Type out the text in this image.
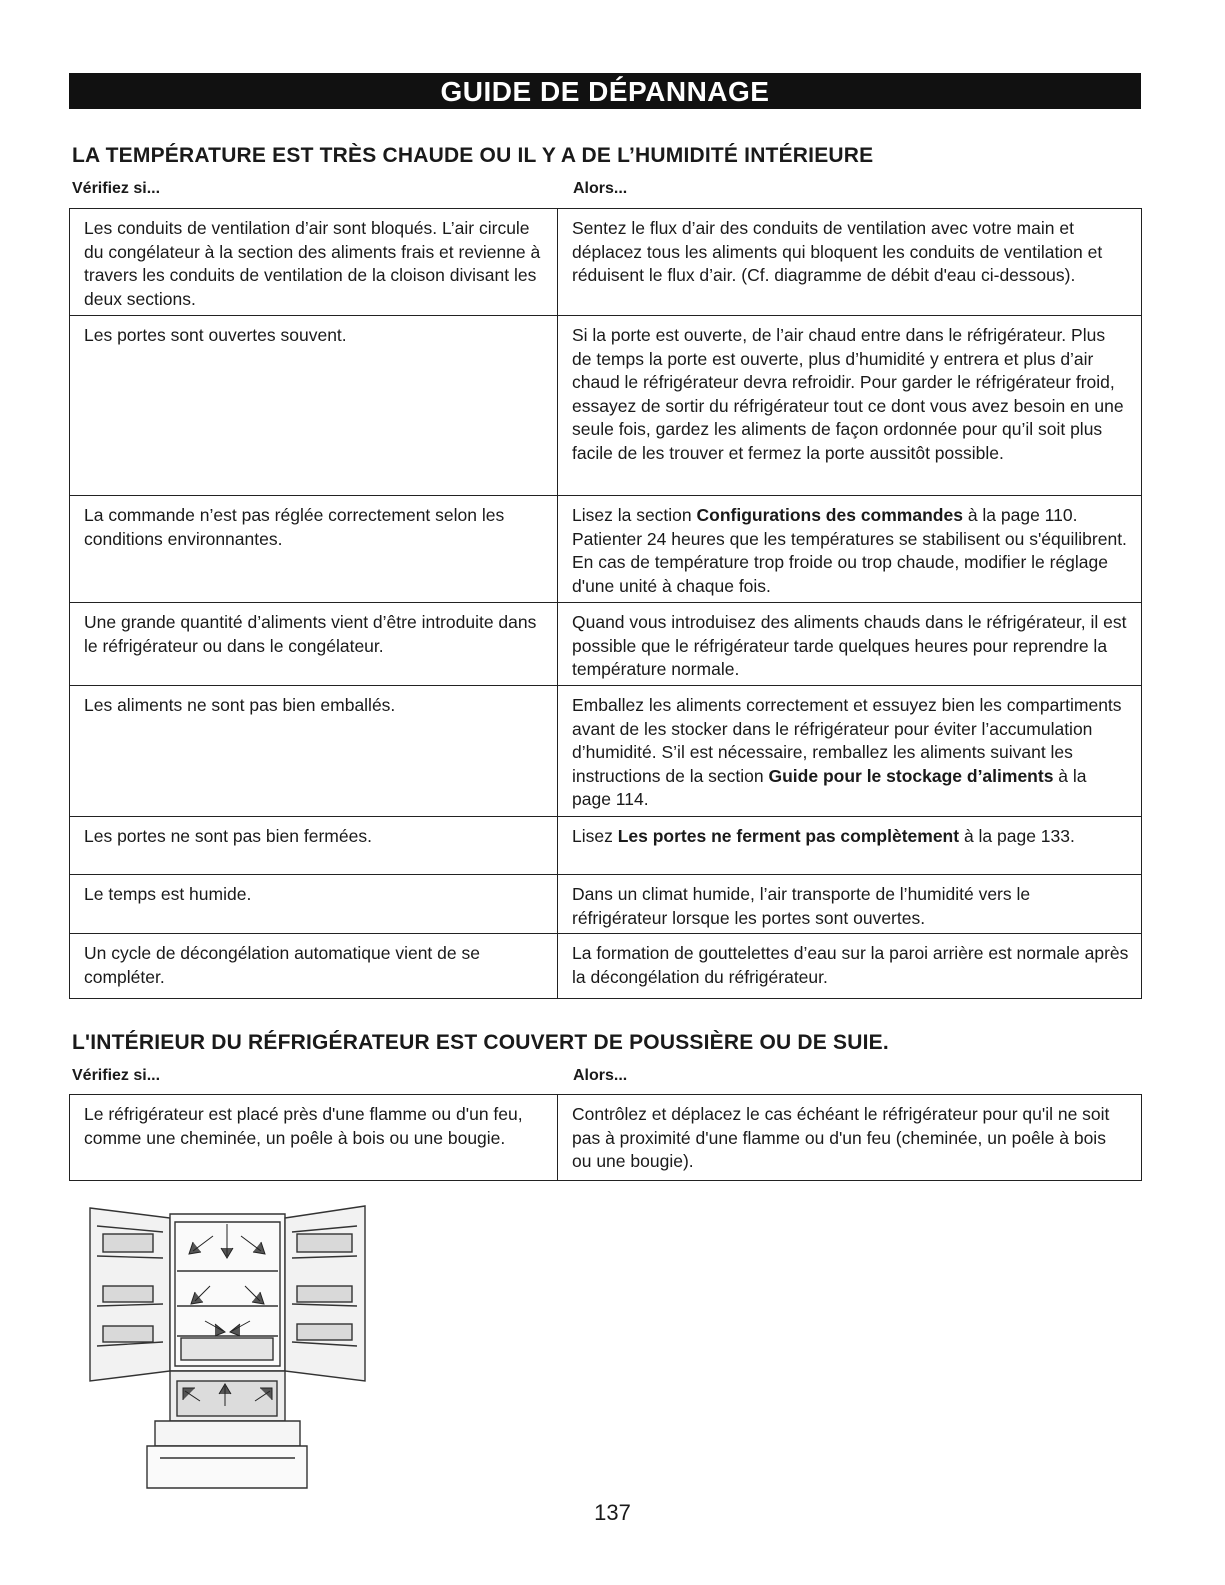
GUIDE DE DÉPANNAGE
LA TEMPÉRATURE EST TRÈS CHAUDE OU IL Y A DE L’HUMIDITÉ INTÉRIEURE
Vérifiez si...	Alors...
Les conduits de ventilation d’air sont bloqués. L’air circule du congélateur à la section des aliments frais et revienne à travers les conduits de ventilation de la cloison divisant les deux sections.	Sentez le flux d’air des conduits de ventilation avec votre main et déplacez tous les aliments qui bloquent les conduits de ventilation et réduisent le flux d’air. (Cf. diagramme de débit d'eau ci-dessous).
Les portes sont ouvertes souvent.	Si la porte est ouverte, de l’air chaud entre dans le réfrigérateur. Plus de temps la porte est ouverte, plus d’humidité y entrera et plus d’air chaud le réfrigérateur devra refroidir. Pour garder le réfrigérateur froid, essayez de sortir du réfrigérateur tout ce dont vous avez besoin en une seule fois, gardez les aliments de façon ordonnée pour qu’il soit plus facile de les trouver et fermez la porte aussitôt possible.
La commande n’est pas réglée correctement selon les conditions environnantes.	Lisez la section Configurations des commandes à la page 110. Patienter 24 heures que les températures se stabilisent ou s'équilibrent. En cas de température trop froide ou trop chaude, modifier le réglage d'une unité à chaque fois.
Une grande quantité d’aliments vient d’être introduite dans le réfrigérateur ou dans le congélateur.	Quand vous introduisez des aliments chauds dans le réfrigérateur, il est possible que le réfrigérateur tarde quelques heures pour reprendre la température normale.
Les aliments ne sont pas bien emballés.	Emballez les aliments correctement et essuyez bien les compartiments avant de les stocker dans le réfrigérateur pour éviter l’accumulation d’humidité. S’il est nécessaire, remballez les aliments suivant les instructions de la section Guide pour le stockage d’aliments à la page 114.
Les portes ne sont pas bien fermées.	Lisez Les portes ne ferment pas complètement à la page 133.
Le temps est humide.	Dans un climat humide, l’air transporte de l’humidité vers le réfrigérateur lorsque les portes sont ouvertes.
Un cycle de décongélation automatique vient de se compléter.	La formation de gouttelettes d’eau sur la paroi arrière est normale après la décongélation du réfrigérateur.
L'INTÉRIEUR DU RÉFRIGÉRATEUR EST COUVERT DE POUSSIÈRE OU DE SUIE.
Vérifiez si...	Alors...
Le réfrigérateur est placé près d'une flamme ou d'un feu, comme une cheminée, un poêle à bois ou une bougie.	Contrôlez et déplacez le cas échéant le réfrigérateur pour qu'il ne soit pas à proximité d'une flamme ou d'un feu (cheminée, un poêle à bois ou une bougie).
137
